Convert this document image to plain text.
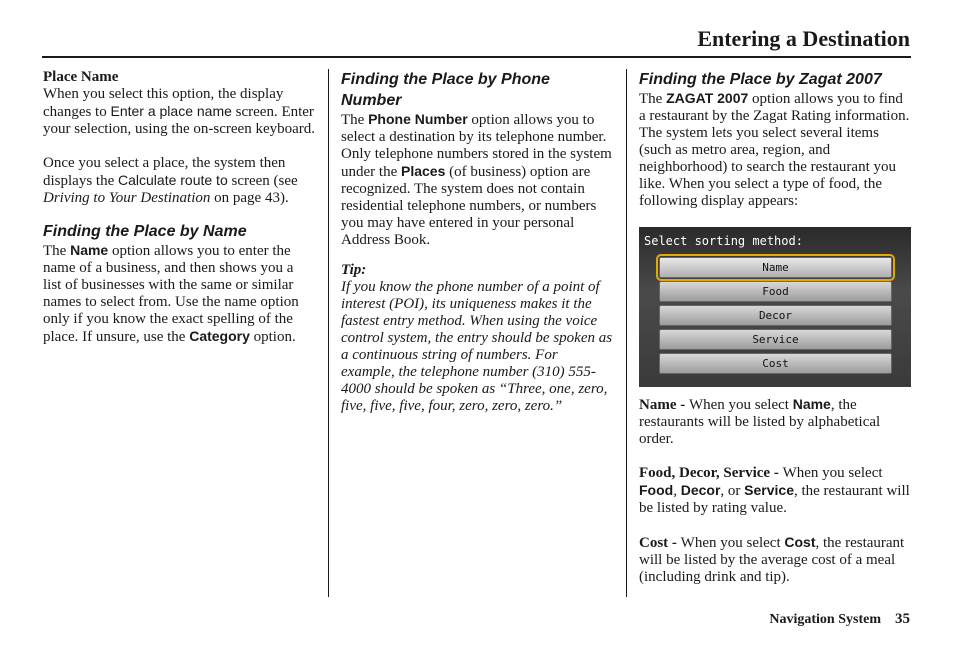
Entering a Destination

Place Name

When you select this option, the display changes to Enter a place name screen. Enter your selection, using the on-screen keyboard.

Once you select a place, the system then displays the Calculate route to screen (see Driving to Your Destination on page 43).

Finding the Place by Name

The Name option allows you to enter the name of a business, and then shows you a list of businesses with the same or similar names to select from. Use the name option only if you know the exact spelling of the place. If unsure, use the Category option.

Finding the Place by Phone Number

The Phone Number option allows you to select a destination by its telephone number. Only telephone numbers stored in the system under the Places (of business) option are recognized. The system does not contain residential telephone numbers, or numbers you may have entered in your personal Address Book.

Tip:

If you know the phone number of a point of interest (POI), its uniqueness makes it the fastest entry method. When using the voice control system, the entry should be spoken as a continuous string of numbers. For example, the telephone number (310) 555-4000 should be spoken as “Three, one, zero, five, five, five, four, zero, zero, zero.”

Finding the Place by Zagat 2007

The ZAGAT 2007 option allows you to find a restaurant by the Zagat Rating information.

The system lets you select several items (such as metro area, region, and neighborhood) to search the restaurant you like. When you select a type of food, the following display appears:

Select sorting method:
Name
Food
Decor
Service
Cost

Name - When you select Name, the restaurants will be listed by alphabetical order.

Food, Decor, Service - When you select Food, Decor, or Service, the restaurant will be listed by rating value.

Cost - When you select Cost, the restaurant will be listed by the average cost of a meal (including drink and tip).

Navigation System 35
